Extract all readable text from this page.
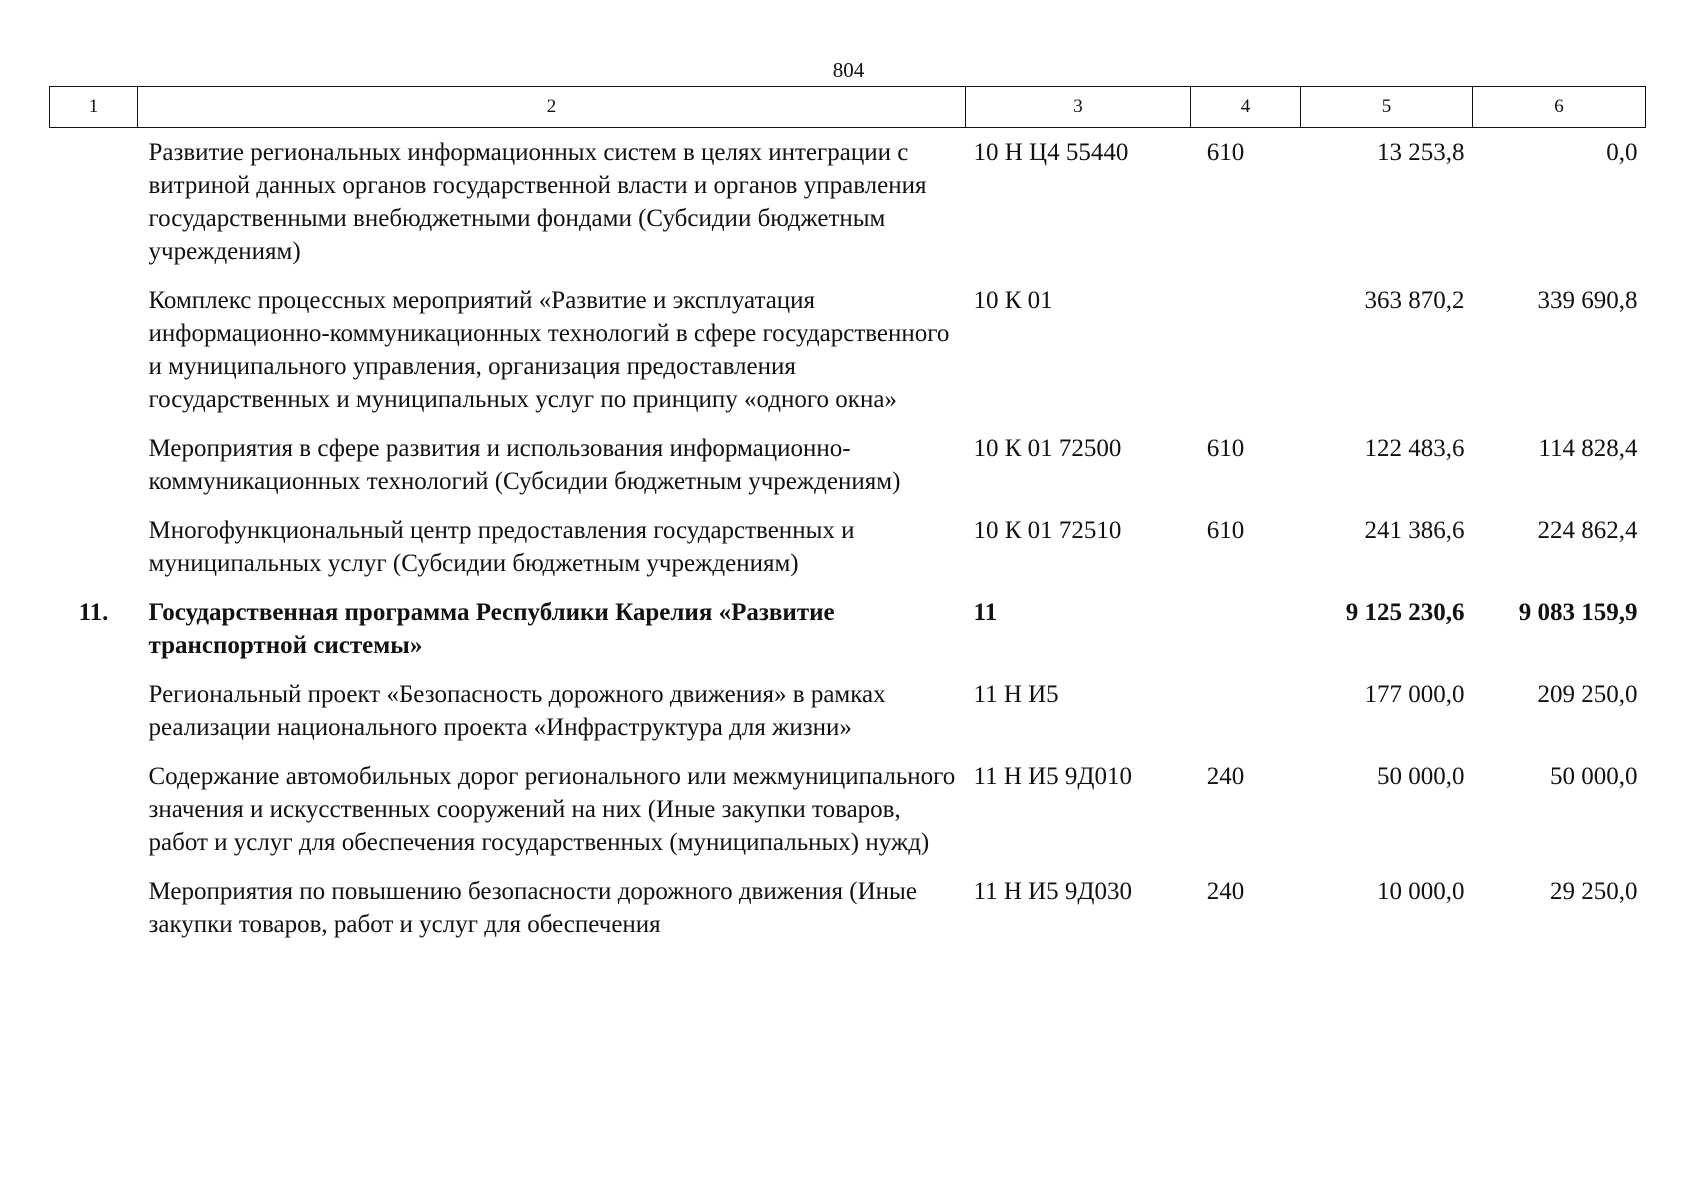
804
1	2	3	4	5	6
	Развитие региональных информационных систем в целях интеграции с витриной данных органов государственной власти и органов управления государственными внебюджетными фондами (Субсидии бюджетным учреждениям)	10 Н Ц4 55440	610	13 253,8	0,0
	Комплекс процессных мероприятий «Развитие и эксплуатация информационно-коммуникационных технологий в сфере государственного и муниципального управления, организация предоставления государственных и муниципальных услуг по принципу «одного окна»	10 К 01		363 870,2	339 690,8
	Мероприятия в сфере развития и использования информационно-коммуникационных технологий (Субсидии бюджетным учреждениям)	10 К 01 72500	610	122 483,6	114 828,4
	Многофункциональный центр предоставления государственных и муниципальных услуг (Субсидии бюджетным учреждениям)	10 К 01 72510	610	241 386,6	224 862,4
11.	Государственная программа Республики Карелия «Развитие транспортной системы»	11		9 125 230,6	9 083 159,9
	Региональный проект «Безопасность дорожного движения» в рамках реализации национального проекта «Инфраструктура для жизни»	11 Н И5		177 000,0	209 250,0
	Содержание автомобильных дорог регионального или межмуниципального значения и искусственных сооружений на них (Иные закупки товаров, работ и услуг для обеспечения государственных (муниципальных) нужд)	11 Н И5 9Д010	240	50 000,0	50 000,0
	Мероприятия по повышению безопасности дорожного движения (Иные закупки товаров, работ и услуг для обеспечения	11 Н И5 9Д030	240	10 000,0	29 250,0
